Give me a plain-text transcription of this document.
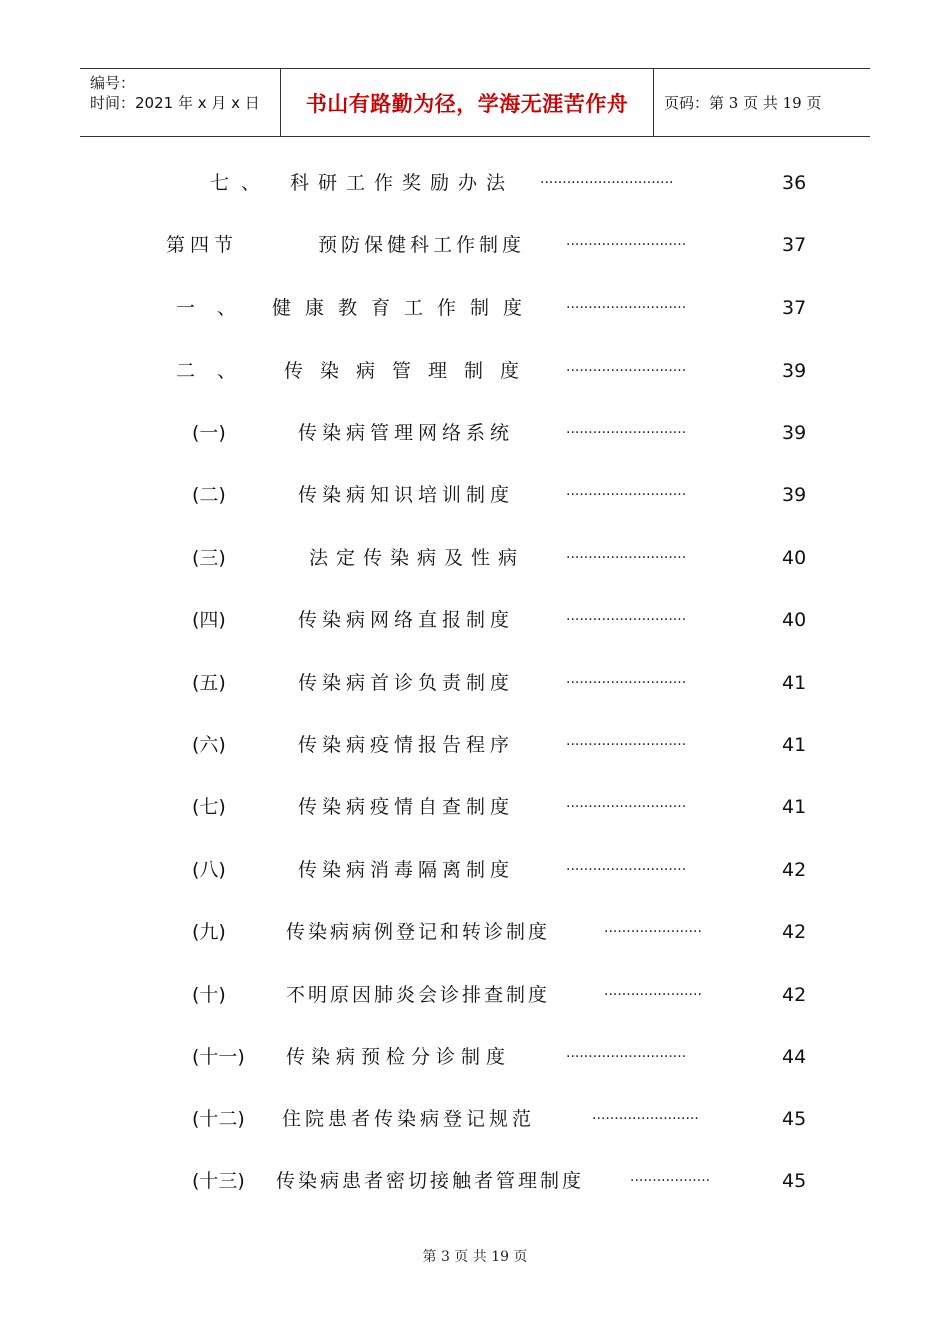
编号：
时间：2021 年 x 月 x 日 书山有路勤为径，学海无涯苦作舟 页码：第 3 页 共 19 页
七、 科研工作奖励办法 ······························	36
第四节	预防保健科工作制度	···························	37
一、 健康教育工作制度 ···························	37
二、 传染病管理制度 ···························	39
(一)	传染病管理网络系统	···························	39
(二)	传染病知识培训制度	···························	39
(三)	法定传染病及性病	···························	40
(四)	传染病网络直报制度	···························	40
(五)	传染病首诊负责制度	···························	41
(六)	传染病疫情报告程序	···························	41
(七)	传染病疫情自查制度	···························	41
(八)	传染病消毒隔离制度	···························	42
(九)	传染病病例登记和转诊制度	······················	42
(十)	不明原因肺炎会诊排查制度	······················	42
(十一) 传染病预检分诊制度	···························	44
(十二) 住院患者传染病登记规范	························	45
(十三) 传染病患者密切接触者管理制度	··················	45
第 3 页 共 19 页
